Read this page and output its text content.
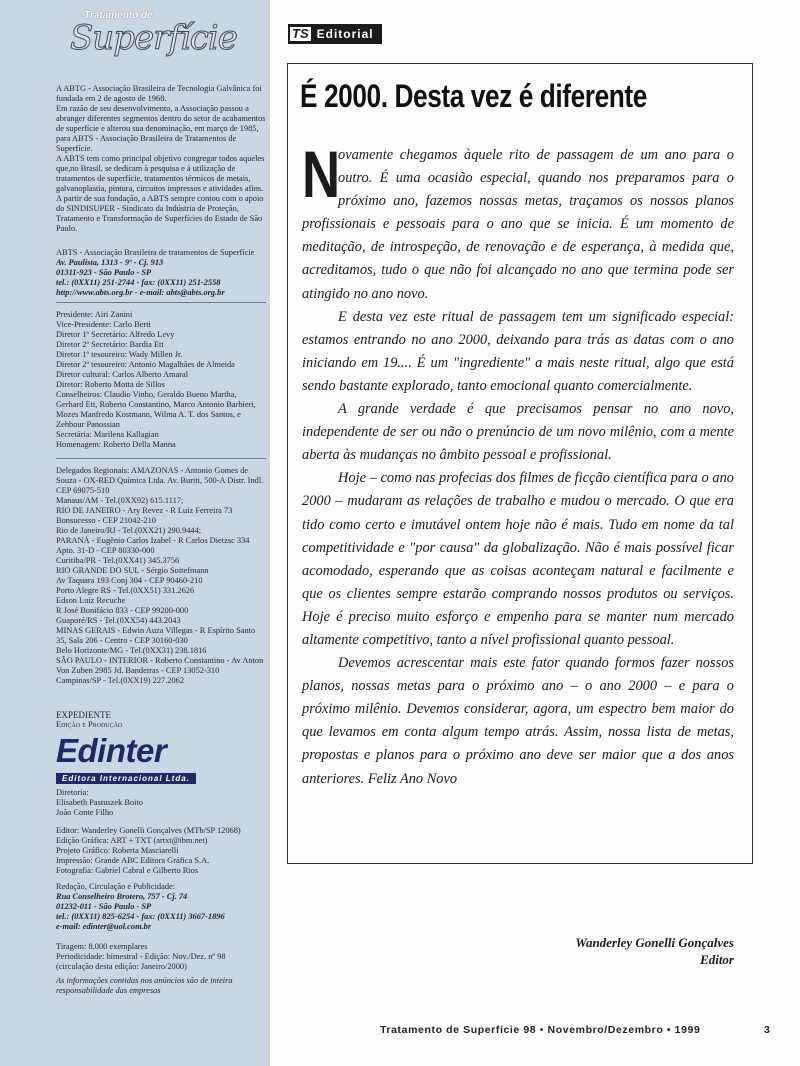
Tratamento de
Superfície

A ABTG - Associação Brasileira de Tecnologia Galvânica foi fundada em 2 de agosto de 1968.

Em razão de seu desenvolvimento, a Associação passou a abranger diferentes segmentos dentro do setor de acabamentos de superfície e alterou sua denominação, em março de 1985, para ABTS - Associação Brasileira de Tratamentos de Superfície.

A ABTS tem como principal objetivo congregar todos aqueles que,no Brasil, se dedicam à pesquisa e à utilização de tratamentos de superfície, tratamentos térmicos de metais, galvanoplastia, pintura, circuitos impressos e atividades afins. A partir de sua fundação, a ABTS sempre contou com o apoio do SINDISUPER - Sindicato da Indústria de Proteção, Tratamento e Transformação de Superfícies do Estado de São Paulo.

ABTS - Associação Brasileira de tratamentos de Superfície

Av. Paulista, 1313 - 9º - Cj. 913

01311-923 - São Paulo - SP

tel.: (0XX11) 251-2744 - fax: (0XX11) 251-2558

http://www.abts.org.br - e-mail: abts@abts.org.br

Presidente: Airi Zanini

Vice-Presidente: Carlo Berti

Diretor 1º Secretário: Alfredo Levy

Diretor 2º Secretário: Bardia Ett

Diretor 1º tesoureiro: Wady Millen Jr.

Diretor 2º tesoureiro: Antonio Magalhães de Almeida

Diretor cultural: Carlos Alberto Amaral

Diretor: Roberto Motta de Sillos

Conselheiros: Claudio Vinho, Geraldo Bueno Martha, Gerhard Ett, Roberto Constantino, Marco Antonio Barbieri, Mozes Manfredo Kostmann, Wilma A. T. dos Santos, e Zehbour Panossian

Secretária: Marilena Kallagian

Homenagem: Roberto Della Manna

Delegados Regionais: AMAZONAS - Antonio Gomes de Souza - OX-RED Química Ltda. Av. Buriti, 500-A Distr. Indl. CEP 69075-510

Manaus/AM - Tel.(0XX92) 615.1117;

RIO DE JANEIRO - Ary Revez - R Luiz Ferreira 73 Bonsucesso - CEP 21042-210

Rio de Janeiro/RJ - Tel.(0XX21) 290.9444;

PARANÁ - Eugênio Carlos Izabel - R Carlos Dietzsc 334 Apto. 31-D - CEP 80330-000

Curitiba/PR - Tel.(0XX41) 345.3756

RIO GRANDE DO SUL - Sérgio Soitefmann

Av Taquara 193 Conj 304 - CEP 90460-210

Porto Alegre RS - Tel.(0XX51) 331.2626

Edson Luiz Recuche

R José Bonifácio 833 - CEP 99200-000

Guaporé/RS - Tel.(0XX54) 443.2043

MINAS GERAIS - Edwin Auza Villegas - R Espírito Santo 35, Sala 206 - Centro - CEP 30160-030

Belo Horizonte/MG - Tel.(0XX31) 238.1816

SÃO PAULO - INTERIOR - Roberto Constantino - Av Anton Von Zuben 2985 Jd. Bandeiras - CEP 13052-310

Campinas/SP - Tel.(0XX19) 227.2062

EXPEDIENTE

Edição e Produção

Edinter
Editora Internacional Ltda.

Diretoria:

Elisabeth Pastuszek Boito

João Conte Filho

Editor: Wanderley Gonelli Gonçalves (MTb/SP 12068)

Edição Gráfica: ART + TXT (artxt@ibm.net)

Projeto Gráfico: Roberta Masciarelli

Impressão: Grande ABC Editora Gráfica S.A.

Fotografia: Gabriel Cabral e Gilberto Rios

Redação, Circulação e Publicidade:

Rua Conselheiro Brotero, 757 - Cj. 74

01232-011 - São Paulo - SP

tel.: (0XX11) 825-6254 - fax: (0XX11) 3667-1896

e-mail: edinter@uol.com.br

Tiragem: 8.000 exemplares

Periodicidade: bimestral - Edição: Nov./Dez. nº 98

(circulação desta edição: Janeiro/2000)

As informações contidas nos anúncios são de inteira responsabilidade das empresas
TS Editorial
É 2000. Desta vez é diferente

N
ovamente chegamos àquele rito de passagem de um ano para o outro. É uma ocasião especial, quando nos preparamos para o próximo ano, fazemos nossas metas, traçamos os nossos planos profissionais e pessoais para o ano que se inicia. É um momento de meditação, de introspeção, de renovação e de esperança, à medida que, acreditamos, tudo o que não foi alcançado no ano que termina pode ser atingido no ano novo.

E desta vez este ritual de passagem tem um significado especial: estamos entrando no ano 2000, deixando para trás as datas com o ano iniciando em 19.... É um "ingrediente" a mais neste ritual, algo que está sendo bastante explorado, tanto emocional quanto comercialmente.

A grande verdade é que precisamos pensar no ano novo, independente de ser ou não o prenúncio de um novo milênio, com a mente aberta às mudanças no âmbito pessoal e profissional.

Hoje – como nas profecias dos filmes de ficção científica para o ano 2000 – mudaram as relações de trabalho e mudou o mercado. O que era tido como certo e imutável ontem hoje não é mais. Tudo em nome da tal competitividade e "por causa" da globalização. Não é mais possível ficar acomodado, esperando que as coisas aconteçam natural e facilmente e que os clientes sempre estarão comprando nossos produtos ou serviços. Hoje é preciso muito esforço e empenho para se manter num mercado altamente competitivo, tanto a nível profissional quanto pessoal.

Devemos acrescentar mais este fator quando formos fazer nossos planos, nossas metas para o próximo ano – o ano 2000 – e para o próximo milênio. Devemos considerar, agora, um espectro bem maior do que levamos em conta algum tempo atrás. Assim, nossa lista de metas, propostas e planos para o próximo ano deve ser maior que a dos anos anteriores. Feliz Ano Novo

Wanderley Gonelli Gonçalves
Editor
Tratamento de Superfície 98 • Novembro/Dezembro • 1999	3
